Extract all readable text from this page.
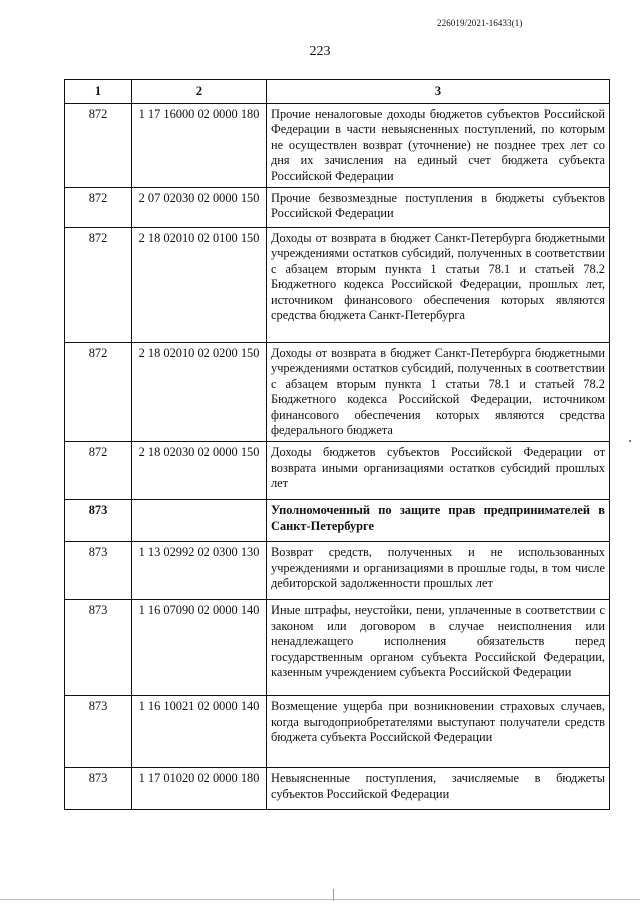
226019/2021-16433(1)
223
1	2	3
872	1 17 16000 02 0000 180	Прочие неналоговые доходы бюджетов субъектов Российской Федерации в части невыясненных поступлений, по которым не осуществлен возврат (уточнение) не позднее трех лет со дня их зачисления на единый счет бюджета субъекта Российской Федерации
872	2 07 02030 02 0000 150	Прочие безвозмездные поступления в бюджеты субъектов Российской Федерации
872	2 18 02010 02 0100 150	Доходы от возврата в бюджет Санкт-Петербурга бюджетными учреждениями остатков субсидий, полученных в соответствии с абзацем вторым пункта 1 статьи 78.1 и статьей 78.2 Бюджетного кодекса Российской Федерации, прошлых лет, источником финансового обеспечения которых являются средства бюджета Санкт-Петербурга
872	2 18 02010 02 0200 150	Доходы от возврата в бюджет Санкт-Петербурга бюджетными учреждениями остатков субсидий, полученных в соответствии с абзацем вторым пункта 1 статьи 78.1 и статьей 78.2 Бюджетного кодекса Российской Федерации, источником финансового обеспечения которых являются средства федерального бюджета
872	2 18 02030 02 0000 150	Доходы бюджетов субъектов Российской Федерации от возврата иными организациями остатков субсидий прошлых лет
873		Уполномоченный по защите прав предпринимателей в Санкт-Петербурге
873	1 13 02992 02 0300 130	Возврат средств, полученных и не использованных учреждениями и организациями в прошлые годы, в том числе дебиторской задолженности прошлых лет
873	1 16 07090 02 0000 140	Иные штрафы, неустойки, пени, уплаченные в соответствии с законом или договором в случае неисполнения или ненадлежащего исполнения обязательств перед государственным органом субъекта Российской Федерации, казенным учреждением субъекта Российской Федерации
873	1 16 10021 02 0000 140	Возмещение ущерба при возникновении страховых случаев, когда выгодоприобретателями выступают получатели средств бюджета субъекта Российской Федерации
873	1 17 01020 02 0000 180	Невыясненные поступления, зачисляемые в бюджеты субъектов Российской Федерации
